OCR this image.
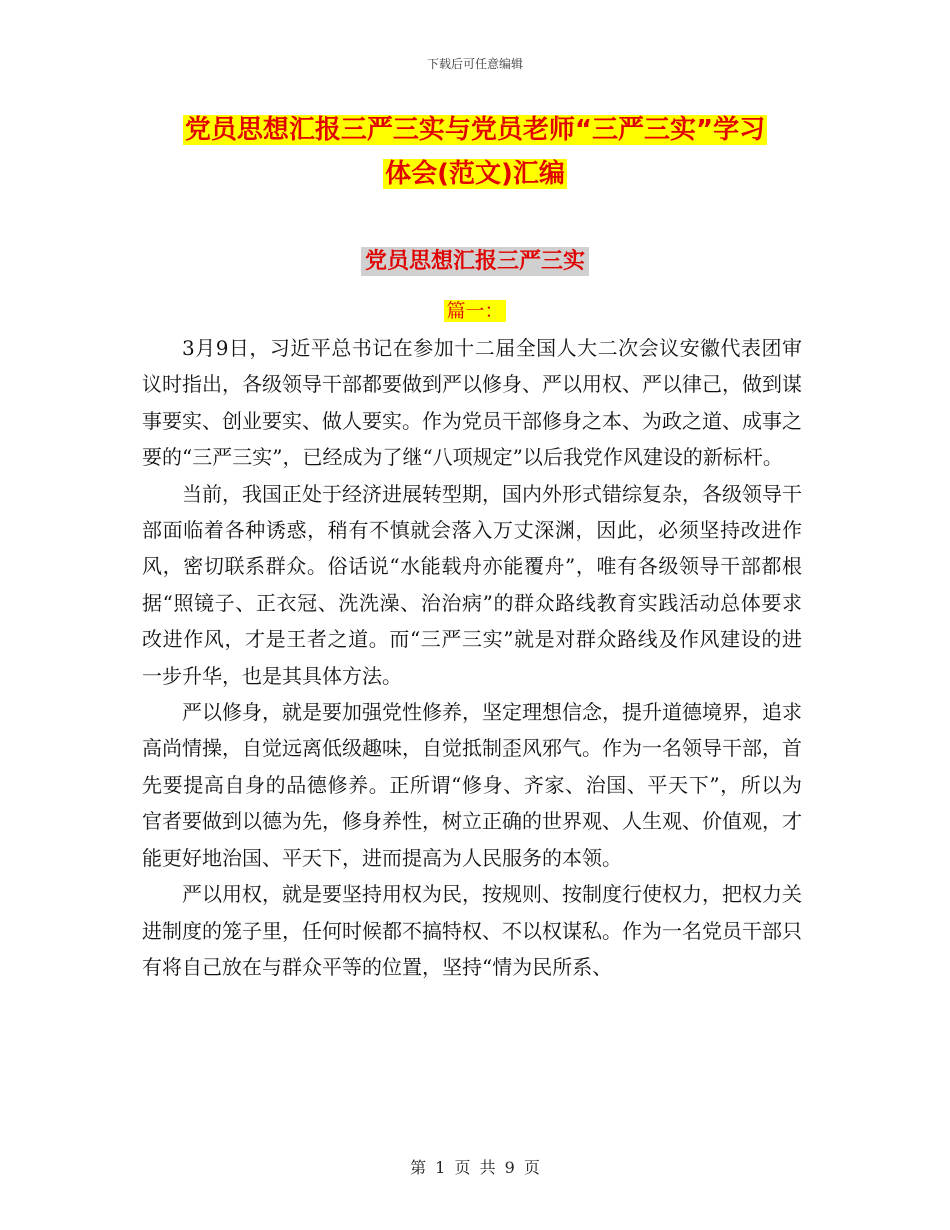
下载后可任意编辑
党员思想汇报三严三实与党员老师“三严三实”学习
体会(范文)汇编
党员思想汇报三严三实
篇一：

3月9日，习近平总书记在参加十二届全国人大二次会议安徽代表团审议时指出，各级领导干部都要做到严以修身、严以用权、严以律己，做到谋事要实、创业要实、做人要实。作为党员干部修身之本、为政之道、成事之要的“三严三实”，已经成为了继“八项规定”以后我党作风建设的新标杆。

当前，我国正处于经济进展转型期，国内外形式错综复杂，各级领导干部面临着各种诱惑，稍有不慎就会落入万丈深渊，因此，必须坚持改进作风，密切联系群众。俗话说“水能载舟亦能覆舟”，唯有各级领导干部都根据“照镜子、正衣冠、洗洗澡、治治病”的群众路线教育实践活动总体要求改进作风，才是王者之道。而“三严三实”就是对群众路线及作风建设的进一步升华，也是其具体方法。

严以修身，就是要加强党性修养，坚定理想信念，提升道德境界，追求高尚情操，自觉远离低级趣味，自觉抵制歪风邪气。作为一名领导干部，首先要提高自身的品德修养。正所谓“修身、齐家、治国、平天下”，所以为官者要做到以德为先，修身养性，树立正确的世界观、人生观、价值观，才能更好地治国、平天下，进而提高为人民服务的本领。

严以用权，就是要坚持用权为民，按规则、按制度行使权力，把权力关进制度的笼子里，任何时候都不搞特权、不以权谋私。作为一名党员干部只有将自己放在与群众平等的位置，坚持“情为民所系、

第 1 页 共 9 页
